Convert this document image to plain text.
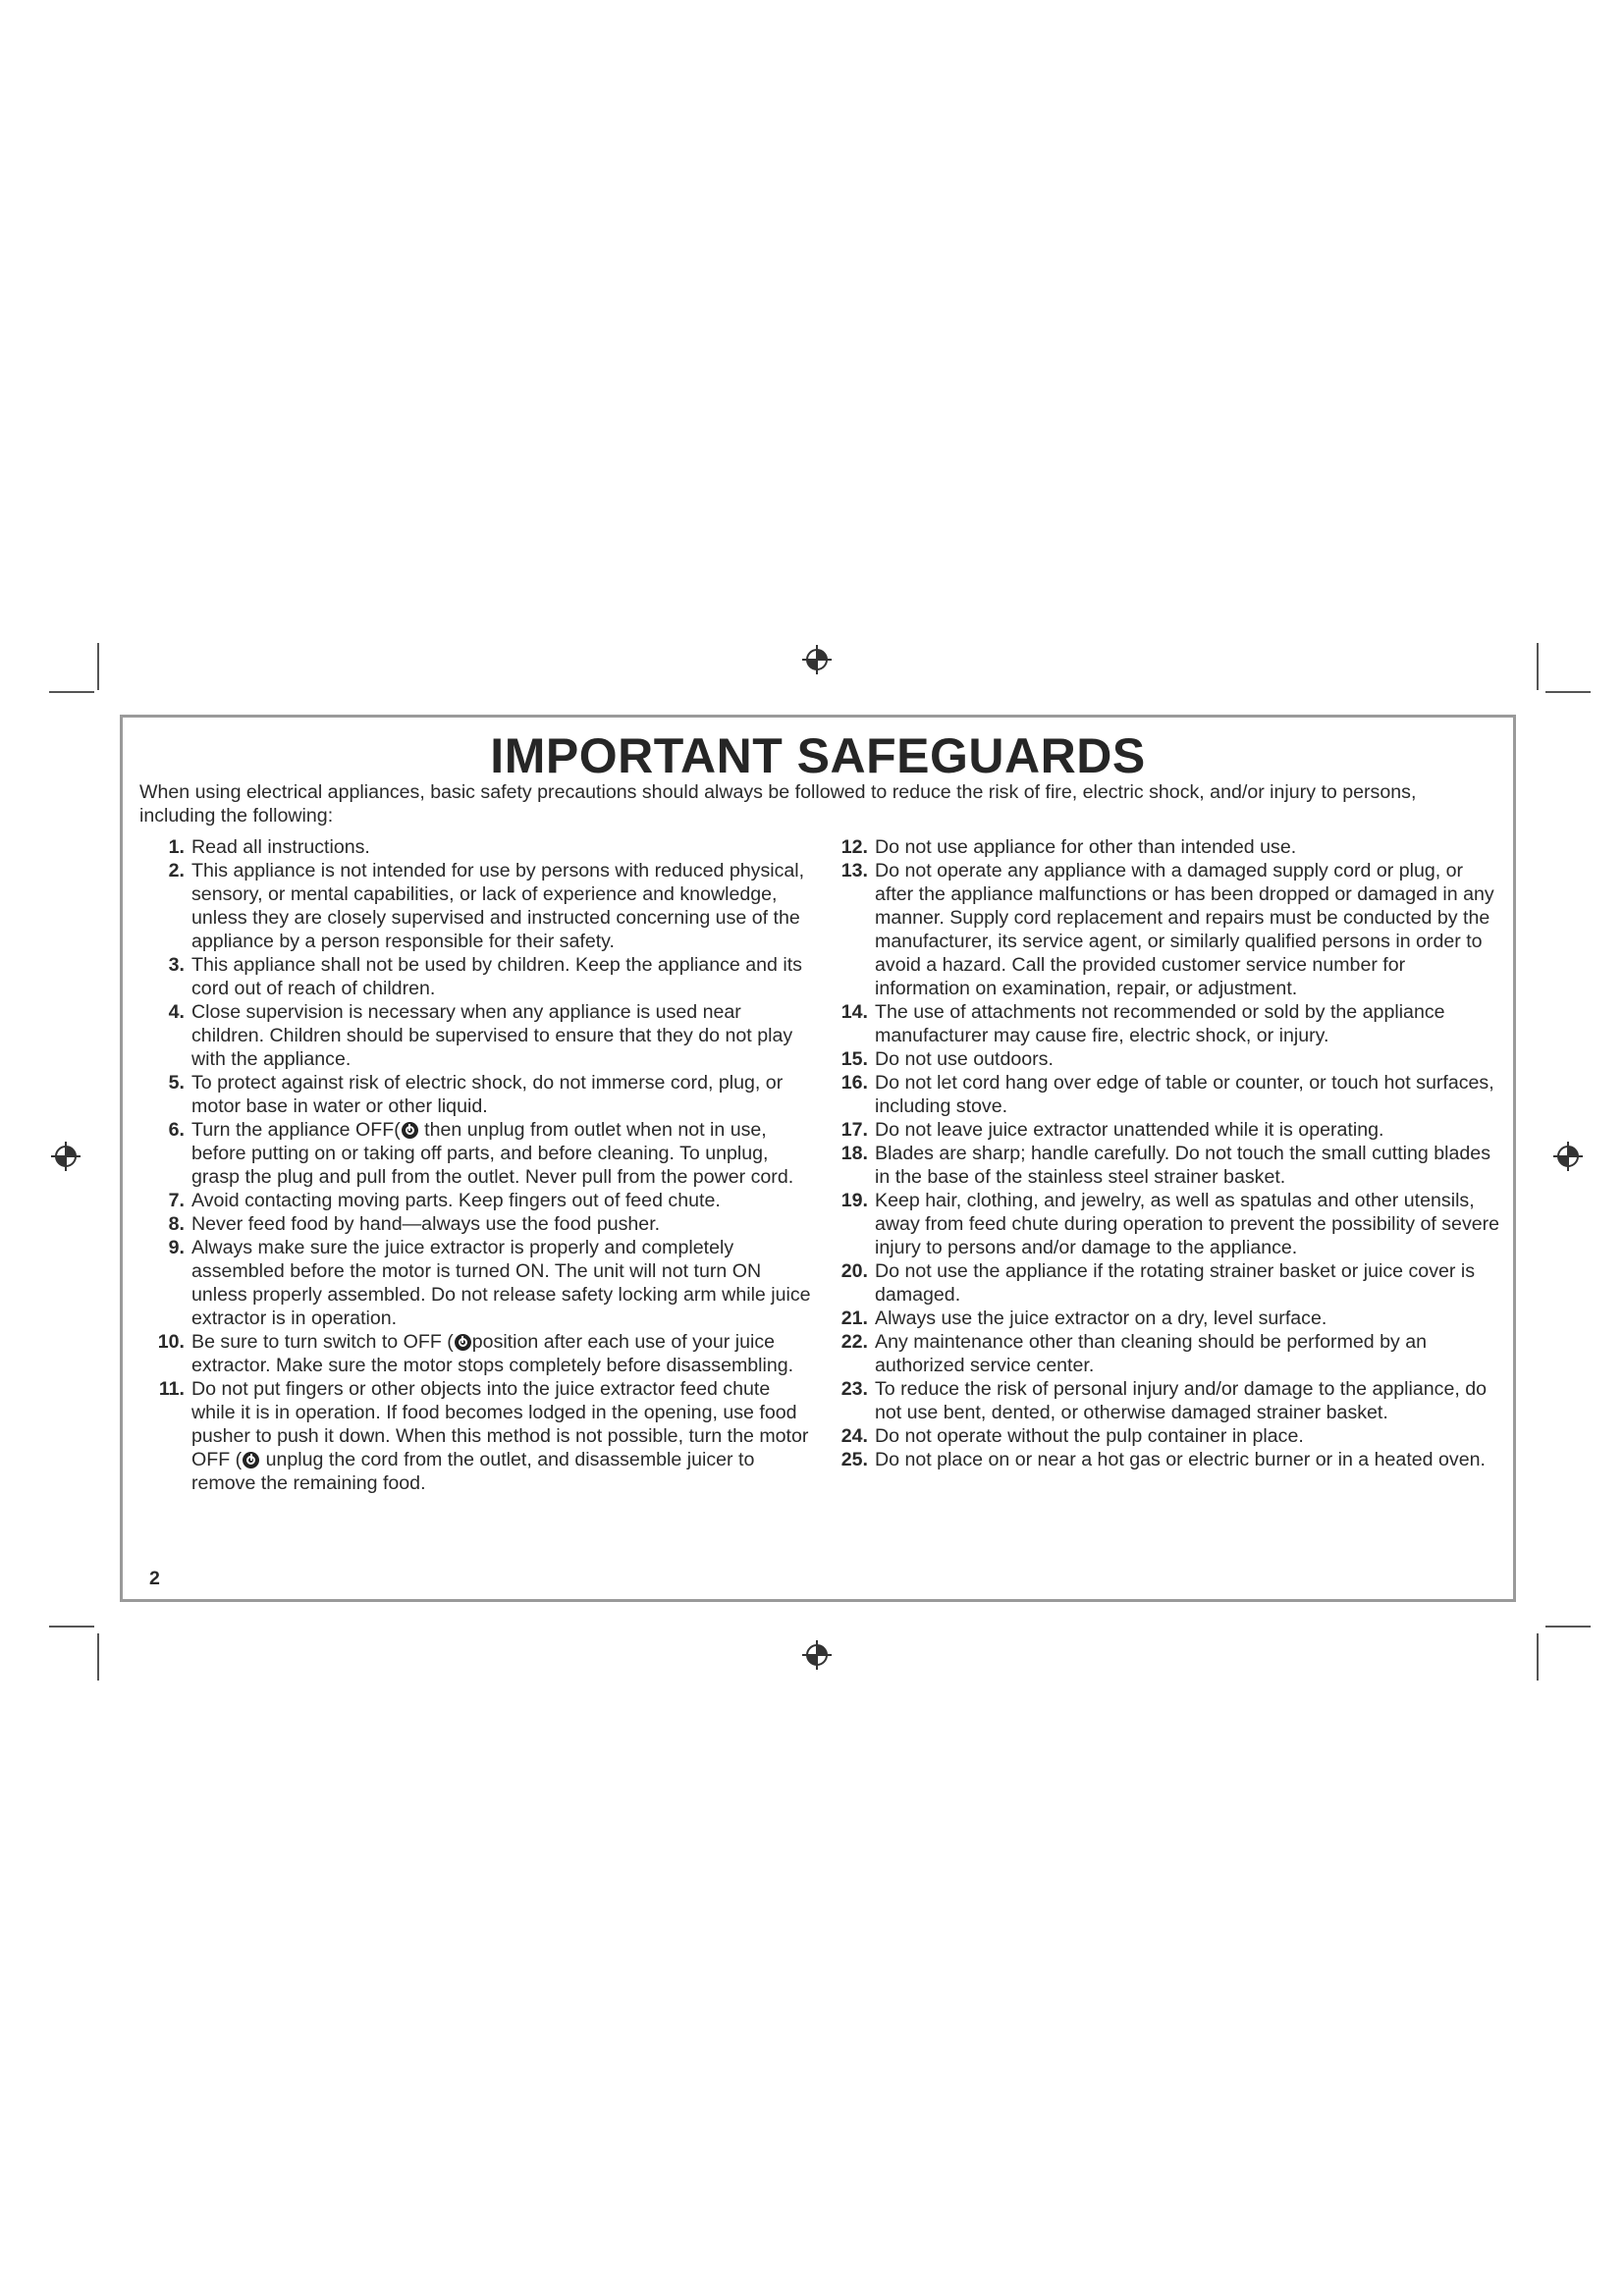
IMPORTANT SAFEGUARDS

When using electrical appliances, basic safety precautions should always be followed to reduce the risk of fire, electric shock, and/or injury to persons, including the following:

1. Read all instructions.
2. This appliance is not intended for use by persons with reduced physical, sensory, or mental capabilities, or lack of experience and knowledge, unless they are closely supervised and instructed concerning use of the appliance by a person responsible for their safety.
3. This appliance shall not be used by children. Keep the appliance and its cord out of reach of children.
4. Close supervision is necessary when any appliance is used near children. Children should be supervised to ensure that they do not play with the appliance.
5. To protect against risk of electric shock, do not immerse cord, plug, or motor base in water or other liquid.
6. Turn the appliance OFF( then unplug from outlet when not in use, before putting on or taking off parts, and before cleaning. To unplug, grasp the plug and pull from the outlet. Never pull from the power cord.
7. Avoid contacting moving parts. Keep fingers out of feed chute.
8. Never feed food by hand—always use the food pusher.
9. Always make sure the juice extractor is properly and completely assembled before the motor is turned ON. The unit will not turn ON unless properly assembled. Do not release safety locking arm while juice extractor is in operation.
10. Be sure to turn switch to OFF ( position after each use of your juice extractor. Make sure the motor stops completely before disassembling.
11. Do not put fingers or other objects into the juice extractor feed chute while it is in operation. If food becomes lodged in the opening, use food pusher to push it down. When this method is not possible, turn the motor OFF ( unplug the cord from the outlet, and disassemble juicer to remove the remaining food.
12. Do not use appliance for other than intended use.
13. Do not operate any appliance with a damaged supply cord or plug, or after the appliance malfunctions or has been dropped or damaged in any manner. Supply cord replacement and repairs must be conducted by the manufacturer, its service agent, or similarly qualified persons in order to avoid a hazard. Call the provided customer service number for information on examination, repair, or adjustment.
14. The use of attachments not recommended or sold by the appliance manufacturer may cause fire, electric shock, or injury.
15. Do not use outdoors.
16. Do not let cord hang over edge of table or counter, or touch hot surfaces, including stove.
17. Do not leave juice extractor unattended while it is operating.
18. Blades are sharp; handle carefully. Do not touch the small cutting blades in the base of the stainless steel strainer basket.
19. Keep hair, clothing, and jewelry, as well as spatulas and other utensils, away from feed chute during operation to prevent the possibility of severe injury to persons and/or damage to the appliance.
20. Do not use the appliance if the rotating strainer basket or juice cover is damaged.
21. Always use the juice extractor on a dry, level surface.
22. Any maintenance other than cleaning should be performed by an authorized service center.
23. To reduce the risk of personal injury and/or damage to the appliance, do not use bent, dented, or otherwise damaged strainer basket.
24. Do not operate without the pulp container in place.
25. Do not place on or near a hot gas or electric burner or in a heated oven.
2
